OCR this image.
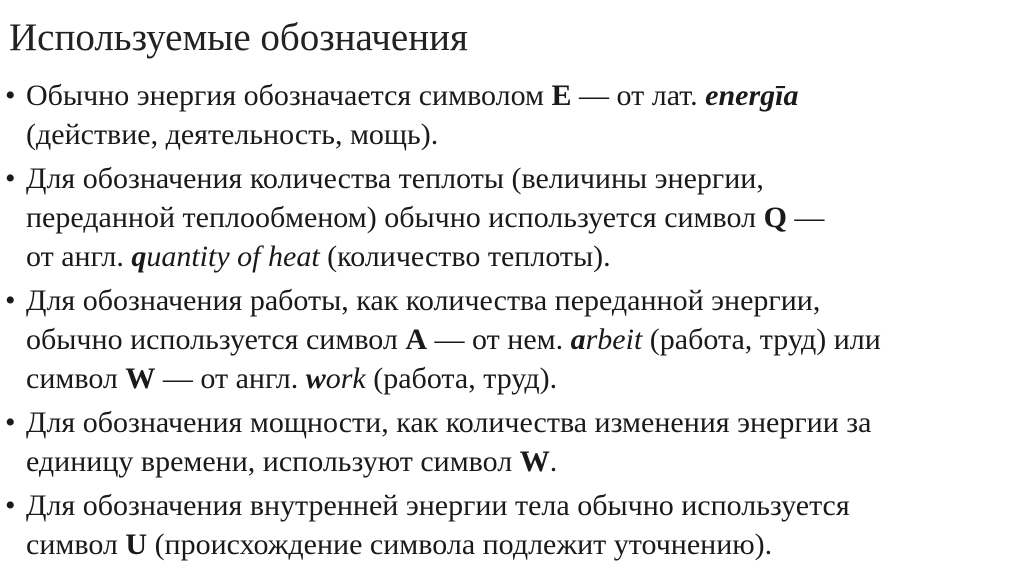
Используемые обозначения
• Обычно энергия обозначается символом E — от лат. energīa
(действие, деятельность, мощь).
• Для обозначения количества теплоты (величины энергии,
переданной теплообменом) обычно используется символ Q —
от англ. quantity of heat (количество теплоты).
• Для обозначения работы, как количества переданной энергии,
обычно используется символ A — от нем. arbeit (работа, труд) или
символ W — от англ. work (работа, труд).
• Для обозначения мощности, как количества изменения энергии за
единицу времени, используют символ W.
• Для обозначения внутренней энергии тела обычно используется
символ U (происхождение символа подлежит уточнению).
